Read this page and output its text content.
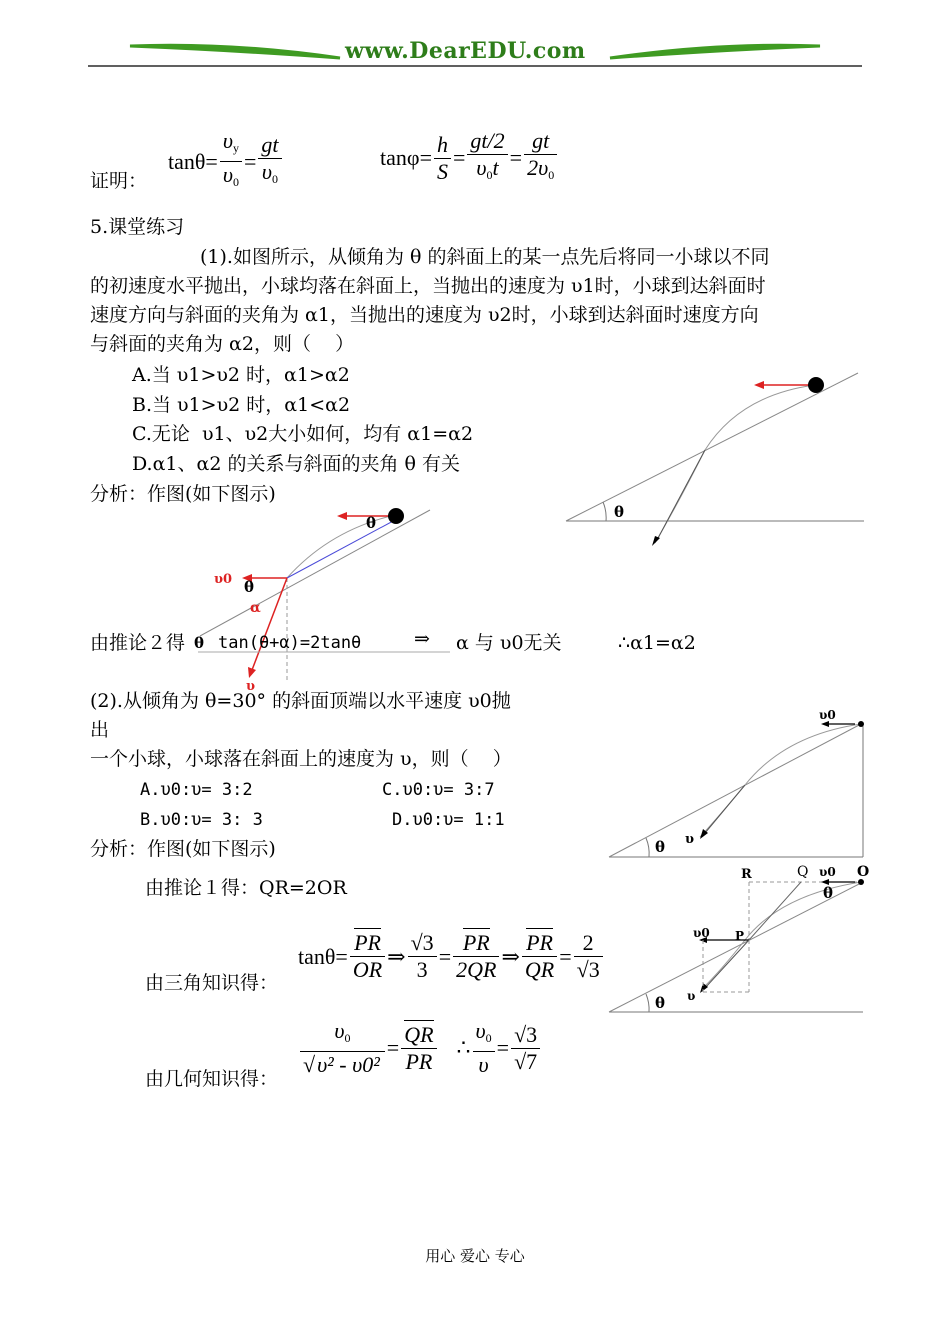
www.DearEDU.com
证明：
$\tan\theta = \frac{\upsilon_y}{\upsilon_0} = \frac{gt}{\upsilon_0}$	$\tan\varphi = \frac{h}{S} = \frac{gt/2}{\upsilon_0t} = \frac{gt}{2\upsilon_0}$
5.课堂练习
(1).如图所示，从倾角为 θ 的斜面上的某一点先后将同一小球以不同
的初速度水平抛出，小球均落在斜面上，当抛出的速度为 υ1时，小球到达斜面时
速度方向与斜面的夹角为 α1，当抛出的速度为 υ2时，小球到达斜面时速度方向
与斜面的夹角为 α2，则（    ）
A.当 υ1>υ2 时，α1>α2
B.当 υ1>υ2 时，α1<α2
C.无论  υ1、υ2大小如何，均有 α1=α2
D.α1、α2 的关系与斜面的夹角 θ 有关
分析：作图(如下图示)
θ
θ
υ0 θ
α
θ
υ
由推论２得 tan(θ+α)=2tanθ	⇒ α 与 υ0无关	∴α1=α2
(2).从倾角为 θ=30° 的斜面顶端以水平速度 υ0抛
出
一个小球，小球落在斜面上的速度为 υ，则（    ）
A.υ0:υ= 3:2	C.υ0:υ= 3:7
B.υ0:υ= 3: 3	D.υ0:υ= 1:1
分析：作图(如下图示)
υ0
υ
θ
由推论１得：QR=2OR
由三角知识得：
$\tan\theta = \frac{PR}{OR}$ ⇒ $\frac{√3}{3} = \frac{PR}{2QR}$ ⇒ $\frac{PR}{QR} = \frac{2}{√3}$
由几何知识得：
$\frac{\upsilon_0}{\text{√υ² - υ0²}} = \frac{QR}{PR}$ ∴ $\frac{\upsilon_0}{\upsilon} = \frac{√3}{√7}$
R	Q υ0 O
θ
P
υ0
υ
θ
用心 爱心 专心
